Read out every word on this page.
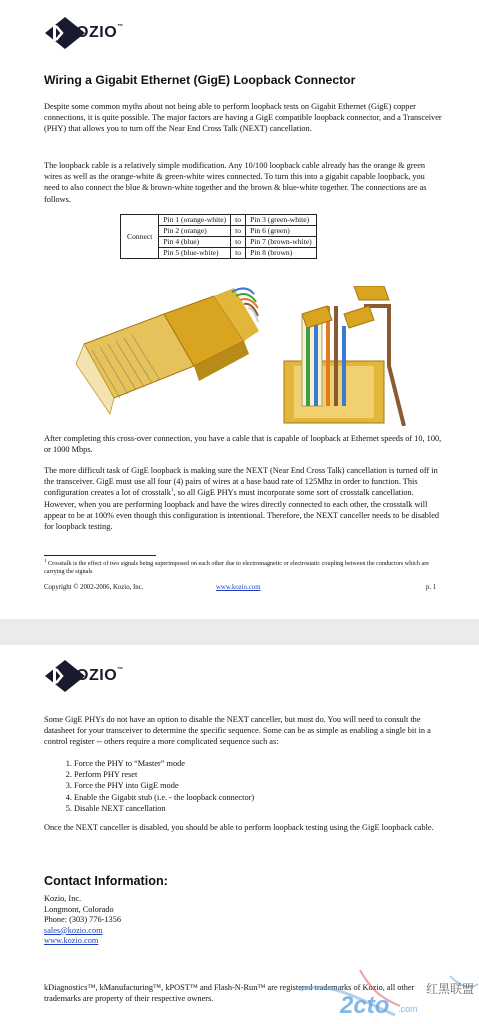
KOZIO™
Wiring a Gigabit Ethernet (GigE) Loopback Connector

Despite some common myths about not being able to perform loopback tests on Gigabit Ethernet (GigE) copper connections, it is quite possible. The major factors are having a GigE compatible loopback connector, and a Transceiver (PHY) that allows you to turn off the Near End Cross Talk (NEXT) cancellation.

The loopback cable is a relatively simple modification. Any 10/100 loopback cable already has the orange & green wires as well as the orange-white & green-white wires connected. To turn this into a gigabit capable loopback, you need to also connect the blue & brown-white together and the brown & blue-white together. The connections are as follows.

Connect	Pin 1 (orange-white)	to	Pin 3 (green-white)
	Pin 2 (orange)	to	Pin 6 (green)
	Pin 4 (blue)	to	Pin 7 (brown-white)
	Pin 5 (blue-white)	to	Pin 8 (brown)

After completing this cross-over connection, you have a cable that is capable of loopback at Ethernet speeds of 10, 100, or 1000 Mbps.

The more difficult task of GigE loopback is making sure the NEXT (Near End Cross Talk) cancellation is turned off in the transceiver. GigE must use all four (4) pairs of wires at a base baud rate of 125Mhz in order to function. This configuration creates a lot of crosstalk$^1$, so all GigE PHYs must incorporate some sort of crosstalk cancellation. However, when you are performing loopback and have the wires directly connected to each other, the crosstalk will appear to be at 100% even though this configuration is intentional. Therefore, the NEXT canceller needs to be disabled for loopback testing.

$^1$ Crosstalk is the effect of two signals being superimposed on each other due to electromagnetic or electrostatic coupling between the conductors which are carrying the signals
Copyright © 2002-2006, Kozio, Inc.	www.kozio.com	p. 1
KOZIO™

Some GigE PHYs do not have an option to disable the NEXT canceller, but most do. You will need to consult the datasheet for your transceiver to determine the specific sequence. Some can be as simple as enabling a single bit in a control register -- others require a more complicated sequence such as:

1. Force the PHY to “Master” mode
2. Perform PHY reset
3. Force the PHY into GigE mode
4. Enable the Gigabit stub (i.e. - the loopback connector)
5. Disable NEXT cancellation

Once the NEXT canceller is disabled, you should be able to perform loopback testing using the GigE loopback cable.

Contact Information:
Kozio, Inc.
Longmont, Colorado
Phone: (303) 776-1356
sales@kozio.com
www.kozio.com

kDiagnostics™, kManufacturing™, kPOST™ and Flash-N-Run™ are registered trademarks of Kozio, all other trademarks are property of their respective owners.	2cto .com
红黑联盟
